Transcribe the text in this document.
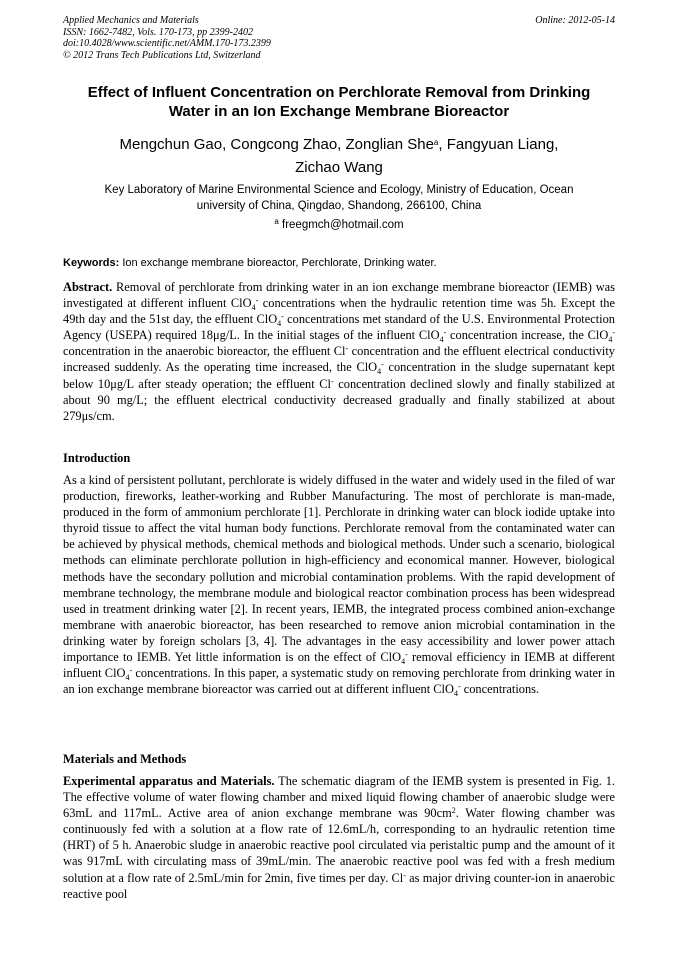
Applied Mechanics and Materials
ISSN: 1662-7482, Vols. 170-173, pp 2399-2402
doi:10.4028/www.scientific.net/AMM.170-173.2399
© 2012 Trans Tech Publications Ltd, Switzerland
Online: 2012-05-14
Effect of Influent Concentration on Perchlorate Removal from Drinking
Water in an Ion Exchange Membrane Bioreactor
Mengchun Gao, Congcong Zhao, Zonglian She$^a$, Fangyuan Liang,
Zichao Wang
Key Laboratory of Marine Environmental Science and Ecology, Ministry of Education, Ocean
university of China, Qingdao, Shandong, 266100, China
$^a$ freegmch@hotmail.com
Keywords: Ion exchange membrane bioreactor, Perchlorate, Drinking water.
Abstract. Removal of perchlorate from drinking water in an ion exchange membrane bioreactor (IEMB) was investigated at different influent ClO$_4$- concentrations when the hydraulic retention time was 5h. Except the 49th day and the 51st day, the effluent ClO$_4$- concentrations met standard of the U.S. Environmental Protection Agency (USEPA) required 18μg/L. In the initial stages of the influent ClO$_4$- concentration increase, the ClO$_4$- concentration in the anaerobic bioreactor, the effluent Cl- concentration and the effluent electrical conductivity increased suddenly. As the operating time increased, the ClO$_4$- concentration in the sludge supernatant kept below 10μg/L after steady operation; the effluent Cl- concentration declined slowly and finally stabilized at about 90 mg/L; the effluent electrical conductivity decreased gradually and finally stabilized at about 279μs/cm.
Introduction
As a kind of persistent pollutant, perchlorate is widely diffused in the water and widely used in the filed of war production, fireworks, leather-working and Rubber Manufacturing. The most of perchlorate is man-made, produced in the form of ammonium perchlorate [1]. Perchlorate in drinking water can block iodide uptake into thyroid tissue to affect the vital human body functions. Perchlorate removal from the contaminated water can be achieved by physical methods, chemical methods and biological methods. Under such a scenario, biological methods can eliminate perchlorate pollution in high-efficiency and economical manner. However, biological methods have the secondary pollution and microbial contamination problems. With the rapid development of membrane technology, the membrane module and biological reactor combination process has been widespread used in treatment drinking water [2]. In recent years, IEMB, the integrated process combined anion-exchange membrane with anaerobic bioreactor, has been researched to remove anion microbial contamination in the drinking water by foreign scholars [3, 4]. The advantages in the easy accessibility and lower power attach importance to IEMB. Yet little information is on the effect of ClO$_4$- removal efficiency in IEMB at different influent ClO$_4$- concentrations. In this paper, a systematic study on removing perchlorate from drinking water in an ion exchange membrane bioreactor was carried out at different influent ClO$_4$- concentrations.
Materials and Methods
Experimental apparatus and Materials. The schematic diagram of the IEMB system is presented in Fig. 1. The effective volume of water flowing chamber and mixed liquid flowing chamber of anaerobic sludge were 63mL and 117mL. Active area of anion exchange membrane was $90cm^2$. Water flowing chamber was continuously fed with a solution at a flow rate of 12.6mL/h, corresponding to an hydraulic retention time (HRT) of 5 h. Anaerobic sludge in anaerobic reactive pool circulated via peristaltic pump and the amount of it was 917mL with circulating mass of 39mL/min. The anaerobic reactive pool was fed with a fresh medium solution at a flow rate of 2.5mL/min for 2min, five times per day. Cl- as major driving counter-ion in anaerobic reactive pool
